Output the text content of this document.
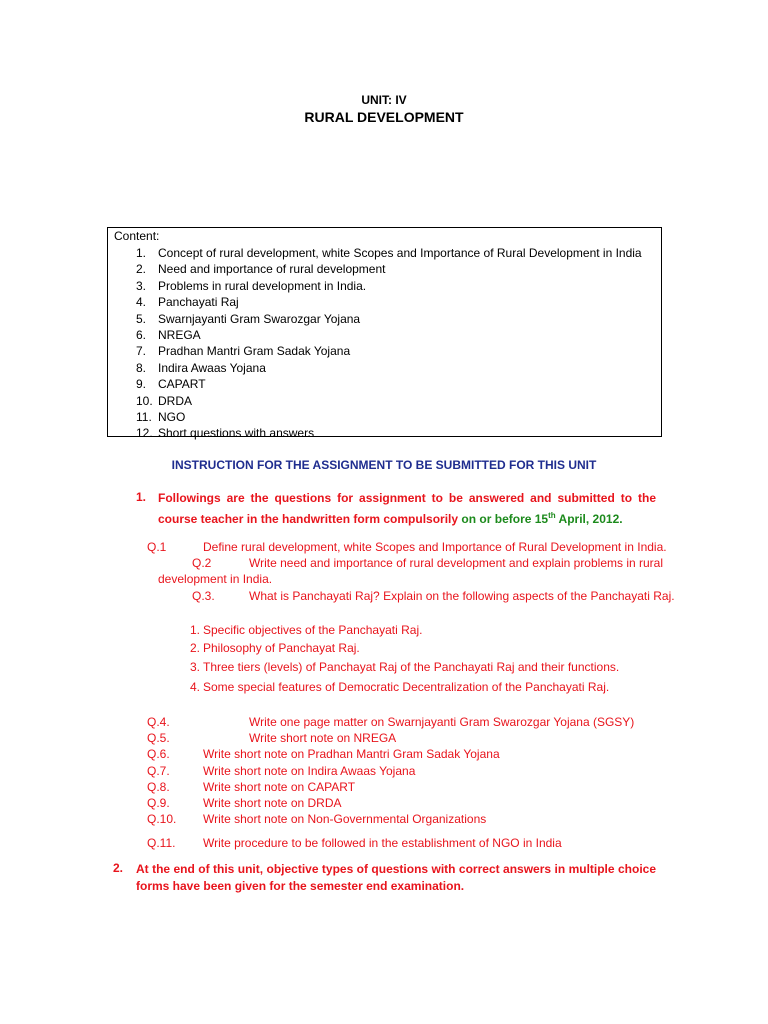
UNIT: IV
RURAL DEVELOPMENT
Content:
1. Concept of rural development, white Scopes and Importance of Rural Development in India
2. Need and importance of rural development
3. Problems in rural development in India.
4. Panchayati Raj
5. Swarnjayanti Gram Swarozgar Yojana
6. NREGA
7. Pradhan Mantri Gram Sadak Yojana
8. Indira Awaas Yojana
9. CAPART
10. DRDA
11. NGO
12. Short questions with answers
INSTRUCTION FOR THE ASSIGNMENT TO BE SUBMITTED FOR THIS UNIT
1. Followings are the questions for assignment to be answered and submitted to the course teacher in the handwritten form compulsorily on or before 15th April, 2012.
Q.1	Define rural development, white Scopes and Importance of Rural Development in India.
Q.2	Write need and importance of rural development and explain problems in rural
development in India.
Q.3.	What is Panchayati Raj? Explain on the following aspects of the Panchayati Raj.
1. Specific objectives of the Panchayati Raj.
2. Philosophy of Panchayat Raj.
3. Three tiers (levels) of Panchayat Raj of the Panchayati Raj and their functions.
4. Some special features of Democratic Decentralization of the Panchayati Raj.
Q.4.	Write one page matter on Swarnjayanti Gram Swarozgar Yojana (SGSY)
Q.5.	Write short note on NREGA
Q.6.	Write short note on Pradhan Mantri Gram Sadak Yojana
Q.7.	Write short note on Indira Awaas Yojana
Q.8.	Write short note on CAPART
Q.9.	Write short note on DRDA
Q.10. Write short note on Non-Governmental Organizations
Q.11. Write procedure to be followed in the establishment of NGO in India
2. At the end of this unit, objective types of questions with correct answers in multiple choice forms have been given for the semester end examination.
